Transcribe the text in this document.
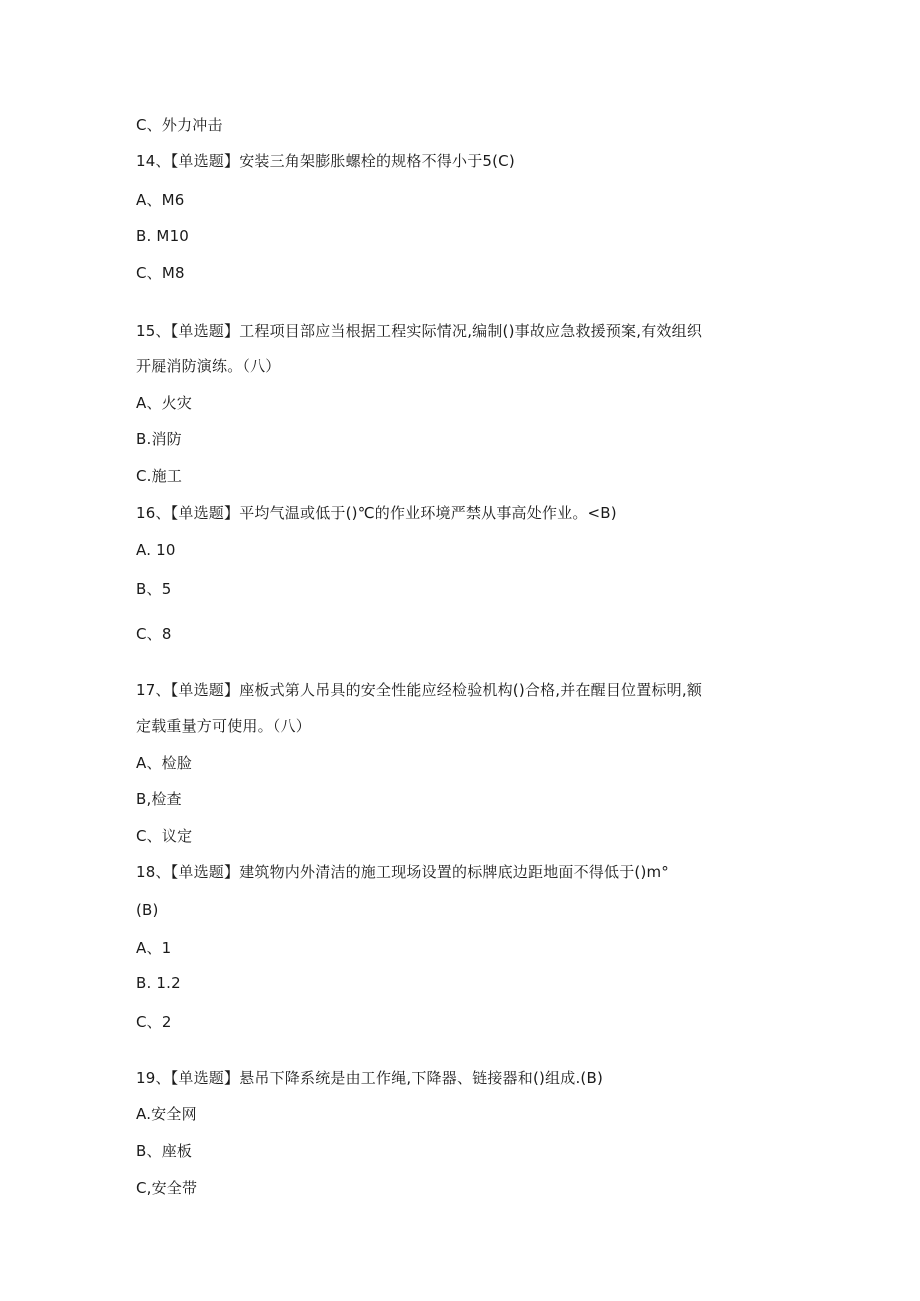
C、外力冲击
14、【单选题】安装三角架膨胀螺栓的规格不得小于5(C)
A、M6
B. M10
C、M8
15、【单选题】工程项目部应当根据工程实际情况,编制()事故应急救援预案,有效组织
开屣消防演练。（八）
A、火灾
B.消防
C.施工
16、【单选题】平均气温或低于()℃的作业环境严禁从事高处作业。<B)
A. 10
B、5
C、8
17、【单选题】座板式第人吊具的安全性能应经检验机构()合格,并在醒目位置标明,额
定载重量方可使用。（八）
A、检脸
B,检查
C、议定
18、【单选题】建筑物内外清洁的施工现场设置的标牌底边距地面不得低于()m°
(B)
A、1
B. 1.2
C、2
19、【单选题】悬吊下降系统是由工作绳,下降器、链接器和()组成.(B)
A.安全网
B、座板
C,安全带
